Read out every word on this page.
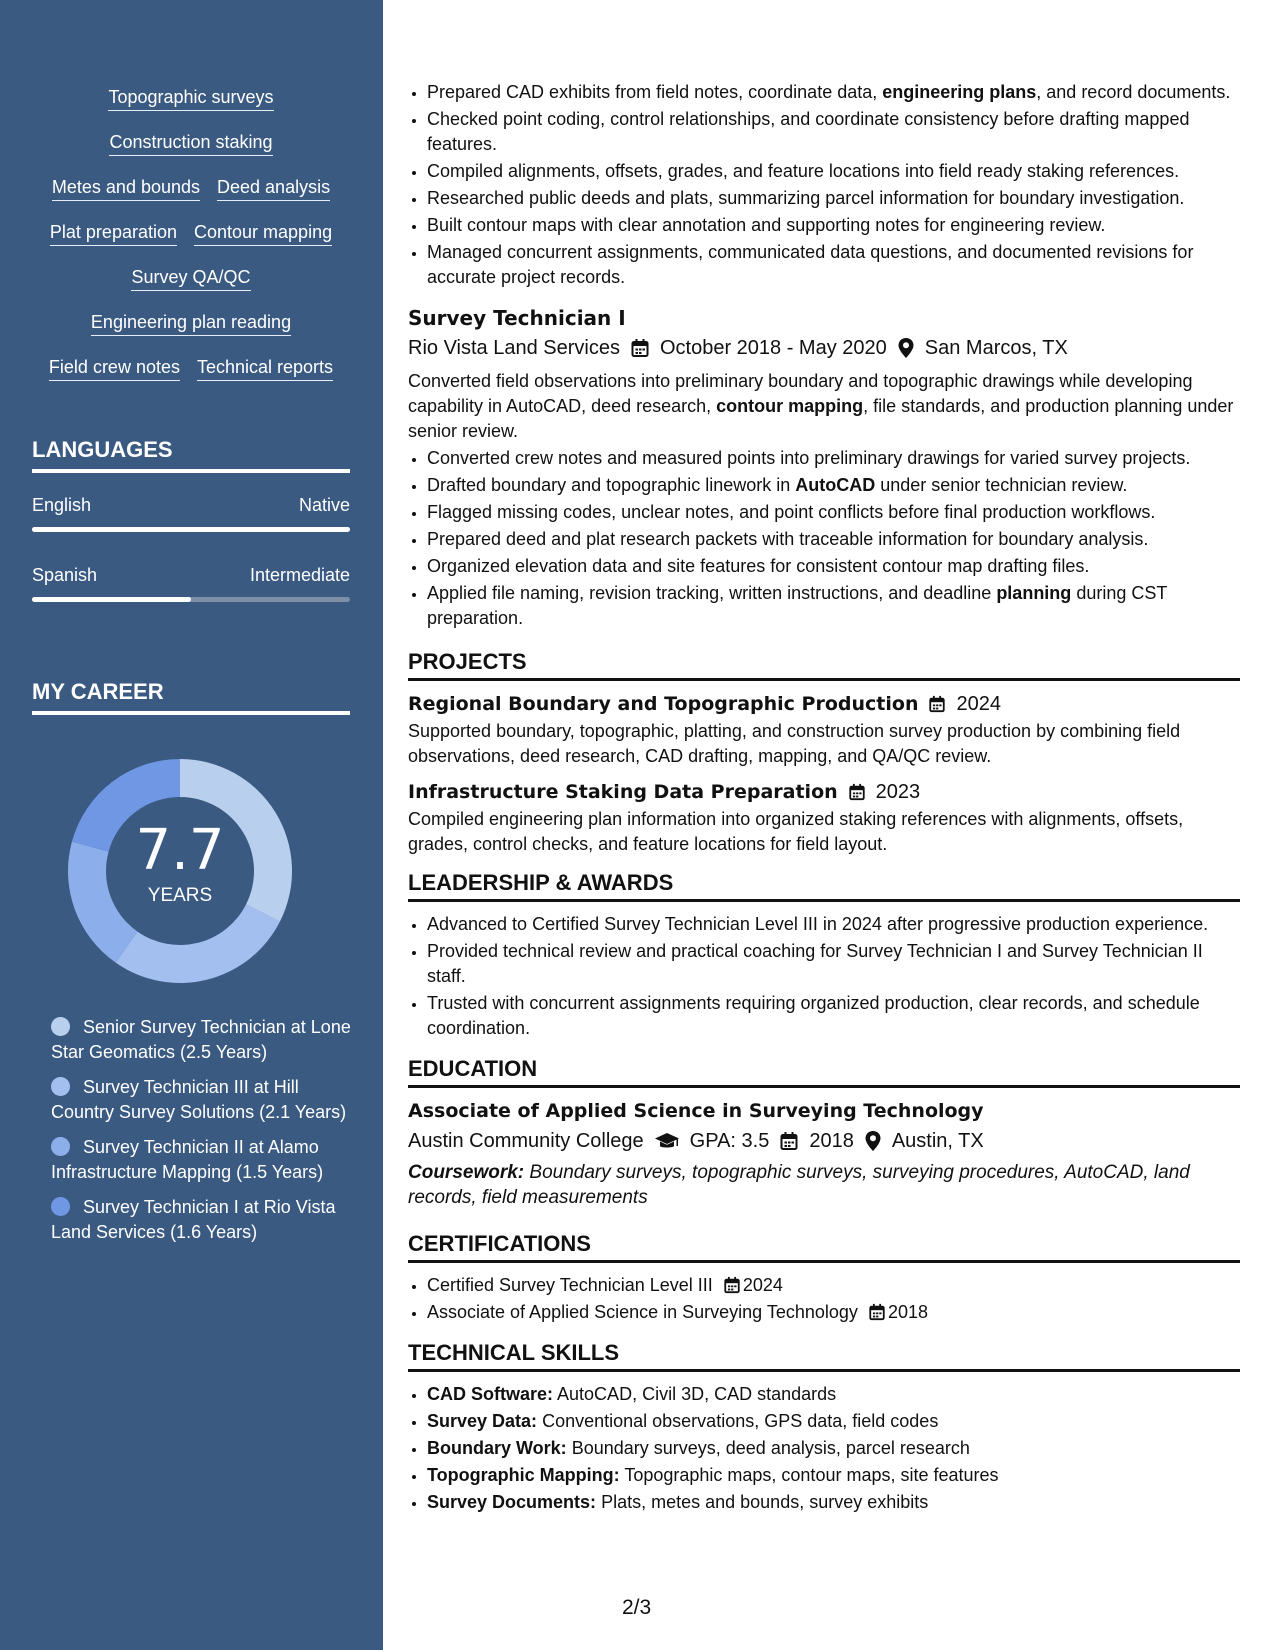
Topographic surveys
Construction staking
Metes and bounds Deed analysis
Plat preparation Contour mapping
Survey QA/QC
Engineering plan reading
Field crew notes Technical reports
LANGUAGES
English	Native
Spanish	Intermediate
MY CAREER
7.7
YEARS
Senior Survey Technician at Lone Star Geomatics (2.5 Years)
Survey Technician III at Hill Country Survey Solutions (2.1 Years)
Survey Technician II at Alamo Infrastructure Mapping (1.5 Years)
Survey Technician I at Rio Vista Land Services (1.6 Years)
• Prepared CAD exhibits from field notes, coordinate data, engineering plans, and record documents.
• Checked point coding, control relationships, and coordinate consistency before drafting mapped features.
• Compiled alignments, offsets, grades, and feature locations into field ready staking references.
• Researched public deeds and plats, summarizing parcel information for boundary investigation.
• Built contour maps with clear annotation and supporting notes for engineering review.
• Managed concurrent assignments, communicated data questions, and documented revisions for accurate project records.
Survey Technician I
Rio Vista Land Services October 2018 - May 2020 San Marcos, TX
Converted field observations into preliminary boundary and topographic drawings while developing capability in AutoCAD, deed research, contour mapping, file standards, and production planning under senior review.
• Converted crew notes and measured points into preliminary drawings for varied survey projects.
• Drafted boundary and topographic linework in AutoCAD under senior technician review.
• Flagged missing codes, unclear notes, and point conflicts before final production workflows.
• Prepared deed and plat research packets with traceable information for boundary analysis.
• Organized elevation data and site features for consistent contour map drafting files.
• Applied file naming, revision tracking, written instructions, and deadline planning during CST preparation.
PROJECTS
Regional Boundary and Topographic Production 2024
Supported boundary, topographic, platting, and construction survey production by combining field observations, deed research, CAD drafting, mapping, and QA/QC review.
Infrastructure Staking Data Preparation 2023
Compiled engineering plan information into organized staking references with alignments, offsets, grades, control checks, and feature locations for field layout.
LEADERSHIP & AWARDS
• Advanced to Certified Survey Technician Level III in 2024 after progressive production experience.
• Provided technical review and practical coaching for Survey Technician I and Survey Technician II staff.
• Trusted with concurrent assignments requiring organized production, clear records, and schedule coordination.
EDUCATION
Associate of Applied Science in Surveying Technology
Austin Community College GPA: 3.5 2018 Austin, TX
Coursework: Boundary surveys, topographic surveys, surveying procedures, AutoCAD, land records, field measurements
CERTIFICATIONS
• Certified Survey Technician Level III 2024
• Associate of Applied Science in Surveying Technology 2018
TECHNICAL SKILLS
• CAD Software: AutoCAD, Civil 3D, CAD standards
• Survey Data: Conventional observations, GPS data, field codes
• Boundary Work: Boundary surveys, deed analysis, parcel research
• Topographic Mapping: Topographic maps, contour maps, site features
• Survey Documents: Plats, metes and bounds, survey exhibits
2/3
